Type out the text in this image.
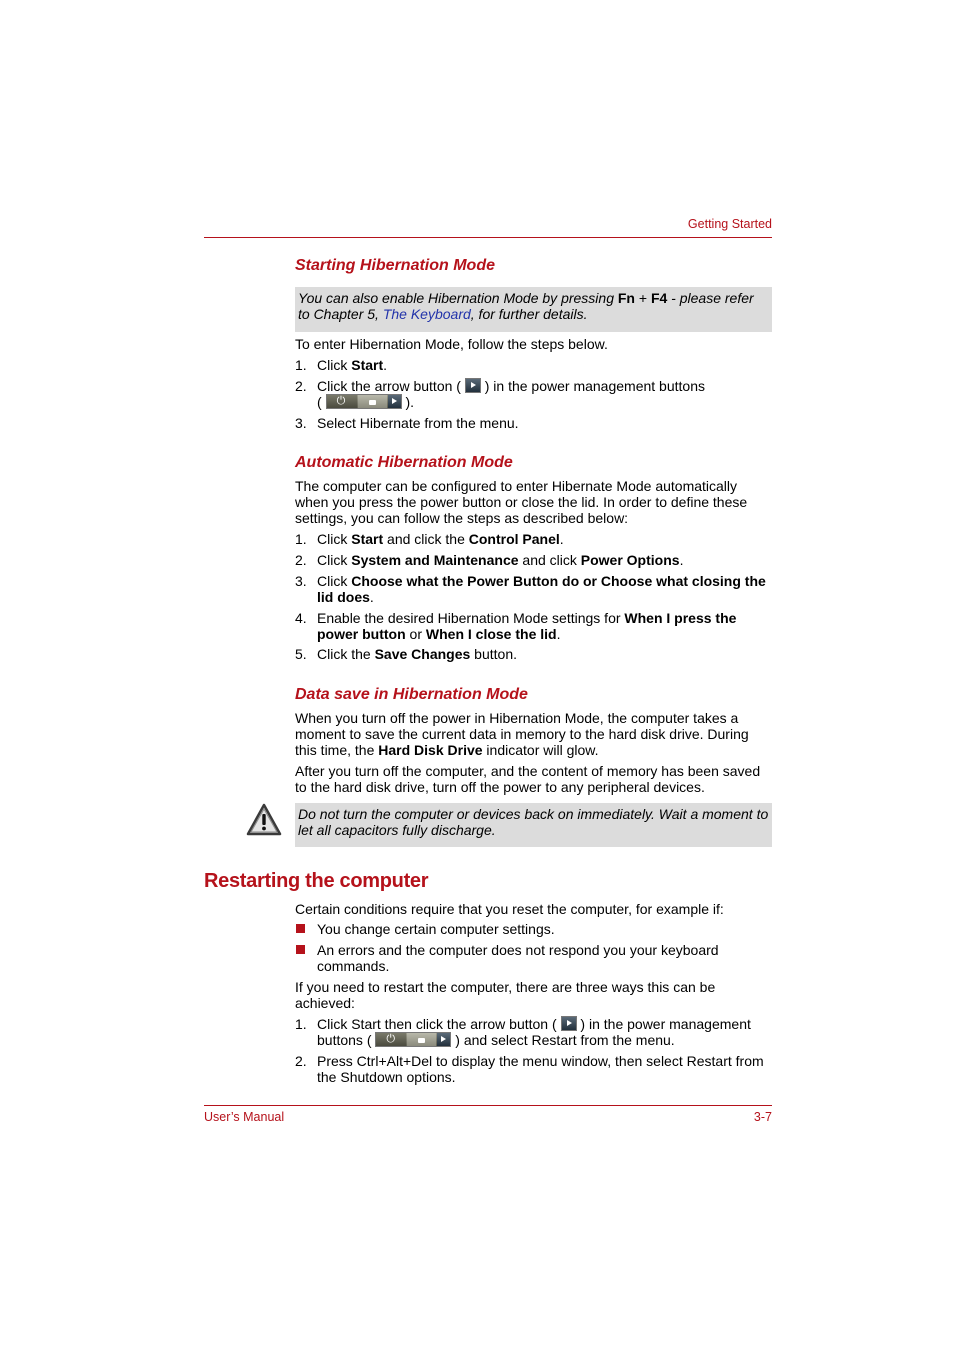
Getting Started
Starting Hibernation Mode
You can also enable Hibernation Mode by pressing Fn + F4 - please refer to Chapter 5, The Keyboard, for further details.

To enter Hibernation Mode, follow the steps below.

1. Click Start.
2. Click the arrow button (  ) in the power management buttons
( ⏻	).
3. Select Hibernate from the menu.
Automatic Hibernation Mode

The computer can be configured to enter Hibernate Mode automatically when you press the power button or close the lid. In order to define these settings, you can follow the steps as described below:

1. Click Start and click the Control Panel.
2. Click System and Maintenance and click Power Options.
3. Click Choose what the Power Button do or Choose what closing the lid does.
4. Enable the desired Hibernation Mode settings for When I press the power button or When I close the lid.
5. Click the Save Changes button.
Data save in Hibernation Mode

When you turn off the power in Hibernation Mode, the computer takes a moment to save the current data in memory to the hard disk drive. During this time, the Hard Disk Drive indicator will glow.

After you turn off the computer, and the content of memory has been saved to the hard disk drive, turn off the power to any peripheral devices.

Do not turn the computer or devices back on immediately. Wait a moment to let all capacitors fully discharge.
Restarting the computer

Certain conditions require that you reset the computer, for example if:

You change certain computer settings.
An errors and the computer does not respond you your keyboard commands.

If you need to restart the computer, there are three ways this can be achieved:

1. Click Start then click the arrow button (  ) in the power management
buttons ( ⏻	) and select Restart from the menu.
2. Press Ctrl+Alt+Del to display the menu window, then select Restart from the Shutdown options.
User’s Manual	3-7
